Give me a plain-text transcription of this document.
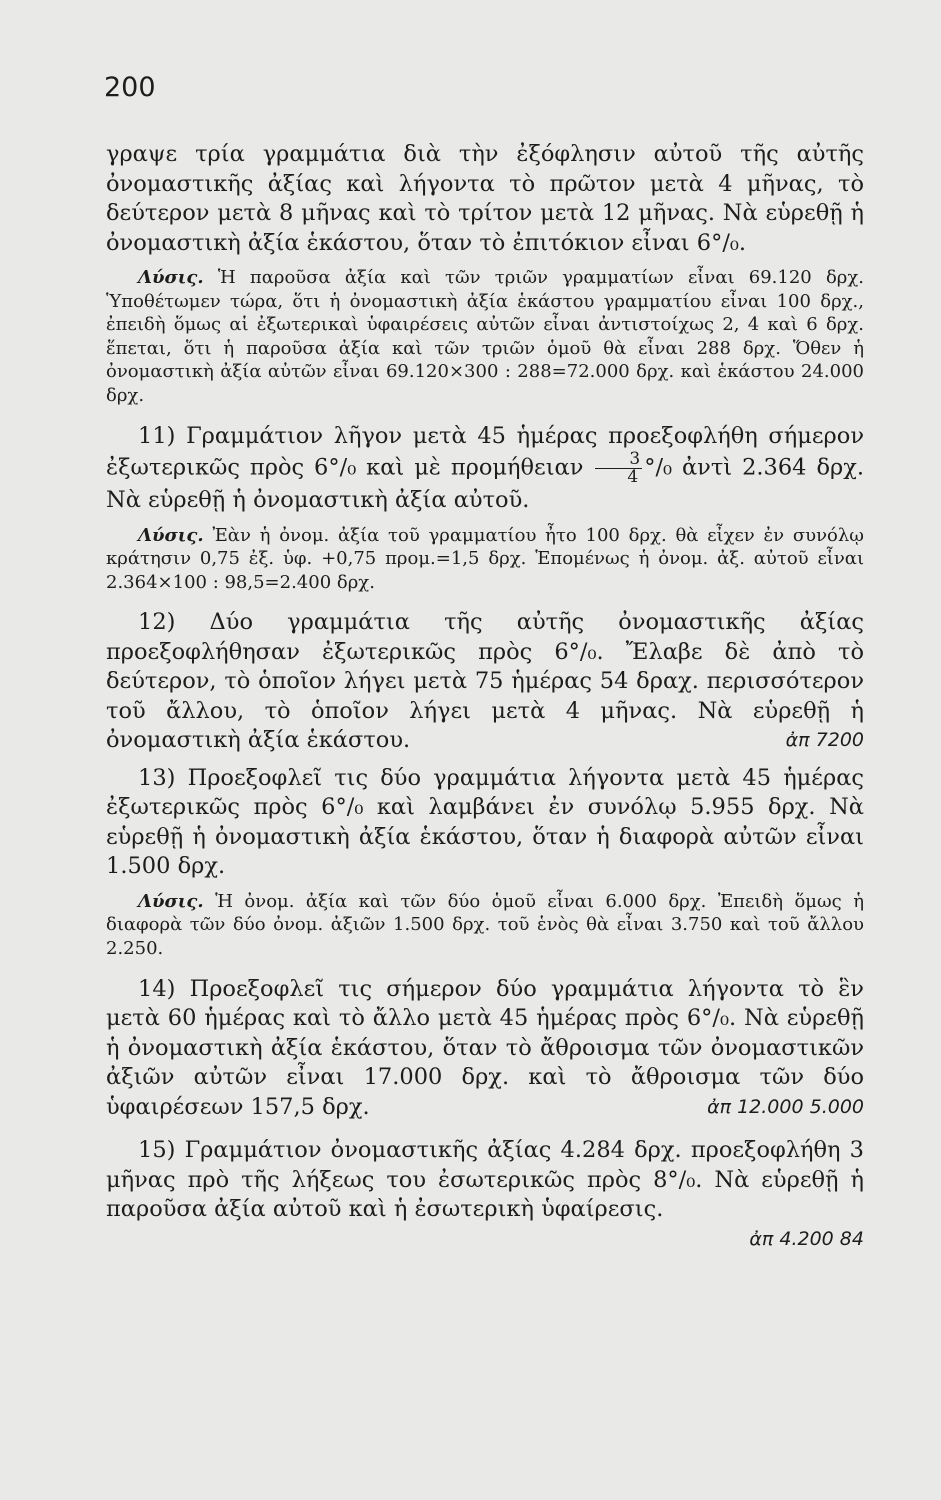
200

γραψε τρία γραμμάτια διὰ τὴν ἐξόφλησιν αὐτοῦ τῆς αὐτῆς ὀνομαστικῆς ἀξίας καὶ λήγοντα τὸ πρῶτον μετὰ 4 μῆνας, τὸ δεύτερον μετὰ 8 μῆνας καὶ τὸ τρίτον μετὰ 12 μῆνας. Νὰ εὑρεθῇ ἡ ὀνομαστικὴ ἀξία ἑκάστου, ὅταν τὸ ἐπιτόκιον εἶναι 6°/₀.

Λύσις. Ἡ παροῦσα ἀξία καὶ τῶν τριῶν γραμματίων εἶναι 69.120 δρχ. Ὑποθέτωμεν τώρα, ὅτι ἡ ὀνομαστικὴ ἀξία ἑκάστου γραμματίου εἶναι 100 δρχ., ἐπειδὴ ὅμως αἱ ἐξωτερικαὶ ὑφαιρέσεις αὐτῶν εἶναι ἀντιστοίχως 2, 4 καὶ 6 δρχ. ἕπεται, ὅτι ἡ παροῦσα ἀξία καὶ τῶν τριῶν ὁμοῦ θὰ εἶναι 288 δρχ. Ὅθεν ἡ ὀνομαστικὴ ἀξία αὐτῶν εἶναι 69.120×300 : 288=72.000 δρχ. καὶ ἑκάστου 24.000 δρχ.

11) Γραμμάτιον λῆγον μετὰ 45 ἡμέρας προεξοφλήθη σήμερον ἐξωτερικῶς πρὸς 6°/₀ καὶ μὲ προμήθειαν $\frac{3}{4} ^\circ/_0$ ἀντὶ 2.364 δρχ. Νὰ εὑρεθῇ ἡ ὀνομαστικὴ ἀξία αὐτοῦ.

Λύσις. Ἐὰν ἡ ὀνομ. ἀξία τοῦ γραμματίου ἦτο 100 δρχ. θὰ εἶχεν ἐν συνόλῳ κράτησιν 0,75 ἐξ. ὑφ. +0,75 προμ.=1,5 δρχ. Ἑπομένως ἡ ὀνομ. ἀξ. αὐτοῦ εἶναι 2.364×100 : 98,5=2.400 δρχ.

12) Δύο γραμμάτια τῆς αὐτῆς ὀνομαστικῆς ἀξίας προεξοφλήθησαν ἐξωτερικῶς πρὸς 6°/₀. Ἔλαβε δὲ ἀπὸ τὸ δεύτερον, τὸ ὁποῖον λήγει μετὰ 75 ἡμέρας 54 δραχ. περισσότερον τοῦ ἄλλου, τὸ ὁποῖον λήγει μετὰ 4 μῆνας. Νὰ εὑρεθῇ ἡ ὀνομαστικὴ ἀξία ἑκάστου.	ἀπ 7200

13) Προεξοφλεῖ τις δύο γραμμάτια λήγοντα μετὰ 45 ἡμέρας ἐξωτερικῶς πρὸς 6°/₀ καὶ λαμβάνει ἐν συνόλῳ 5.955 δρχ. Νὰ εὑρεθῇ ἡ ὀνομαστικὴ ἀξία ἑκάστου, ὅταν ἡ διαφορὰ αὐτῶν εἶναι 1.500 δρχ.

Λύσις. Ἡ ὀνομ. ἀξία καὶ τῶν δύο ὁμοῦ εἶναι 6.000 δρχ. Ἐπειδὴ ὅμως ἡ διαφορὰ τῶν δύο ὀνομ. ἀξιῶν 1.500 δρχ. τοῦ ἑνὸς θὰ εἶναι 3.750 καὶ τοῦ ἄλλου 2.250.

14) Προεξοφλεῖ τις σήμερον δύο γραμμάτια λήγοντα τὸ ἓν μετὰ 60 ἡμέρας καὶ τὸ ἄλλο μετὰ 45 ἡμέρας πρὸς 6°/₀. Νὰ εὑρεθῇ ἡ ὀνομαστικὴ ἀξία ἑκάστου, ὅταν τὸ ἄθροισμα τῶν ὀνομαστικῶν ἀξιῶν αὐτῶν εἶναι 17.000 δρχ. καὶ τὸ ἄθροισμα τῶν δύο ὑφαιρέσεων 157,5 δρχ.	ἀπ 12.000 5.000

15) Γραμμάτιον ὀνομαστικῆς ἀξίας 4.284 δρχ. προεξοφλήθη 3 μῆνας πρὸ τῆς λήξεως του ἐσωτερικῶς πρὸς 8°/₀. Νὰ εὑρεθῇ ἡ παροῦσα ἀξία αὐτοῦ καὶ ἡ ἐσωτερικὴ ὑφαίρεσις.

ἀπ 4.200 84
